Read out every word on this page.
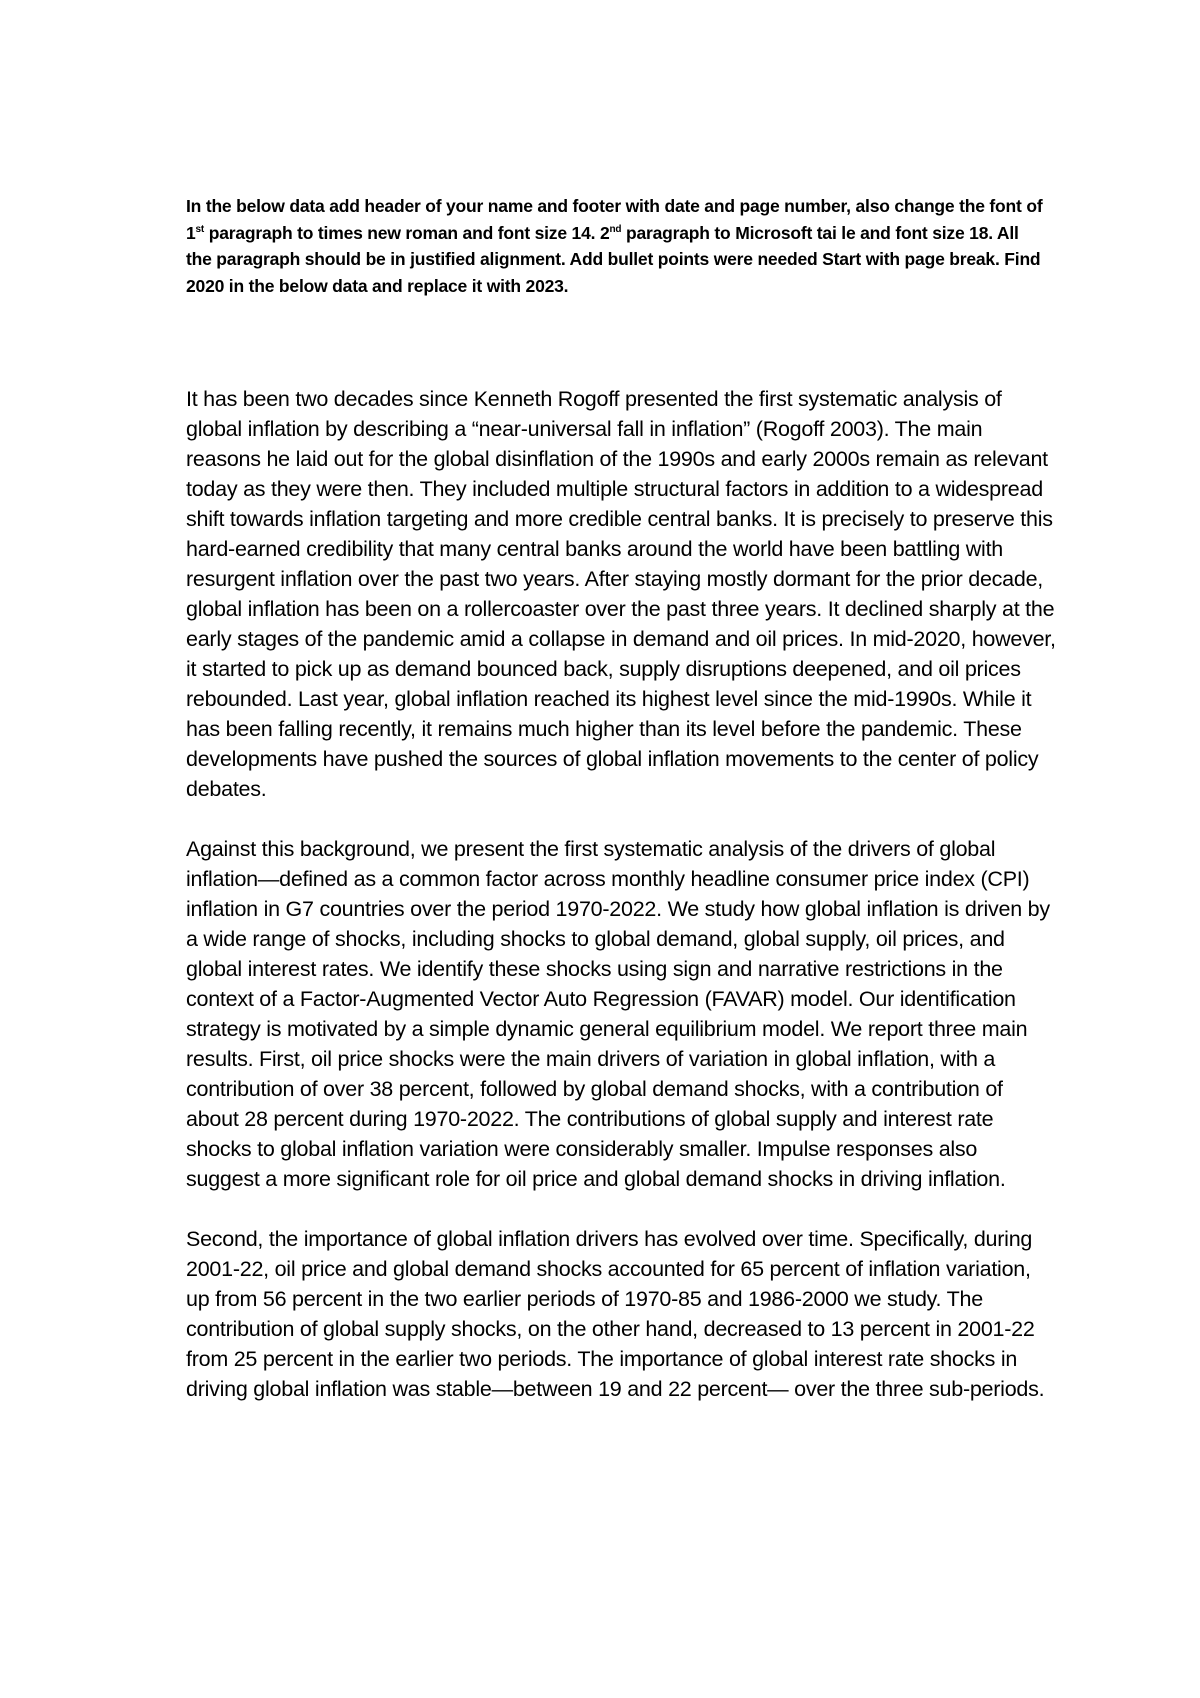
In the below data add header of your name and footer with date and page number, also change the font of 1st paragraph to times new roman and font size 14. 2nd paragraph to Microsoft tai le and font size 18. All the paragraph should be in justified alignment. Add bullet points were needed Start with page break. Find 2020 in the below data and replace it with 2023.

It has been two decades since Kenneth Rogoff presented the first systematic analysis of global inflation by describing a “near-universal fall in inflation” (Rogoff 2003). The main reasons he laid out for the global disinflation of the 1990s and early 2000s remain as relevant today as they were then. They included multiple structural factors in addition to a widespread shift towards inflation targeting and more credible central banks. It is precisely to preserve this hard-earned credibility that many central banks around the world have been battling with resurgent inflation over the past two years. After staying mostly dormant for the prior decade, global inflation has been on a rollercoaster over the past three years. It declined sharply at the early stages of the pandemic amid a collapse in demand and oil prices. In mid-2020, however, it started to pick up as demand bounced back, supply disruptions deepened, and oil prices rebounded. Last year, global inflation reached its highest level since the mid-1990s. While it has been falling recently, it remains much higher than its level before the pandemic. These developments have pushed the sources of global inflation movements to the center of policy debates.

Against this background, we present the first systematic analysis of the drivers of global inflation—defined as a common factor across monthly headline consumer price index (CPI) inflation in G7 countries over the period 1970-2022. We study how global inflation is driven by a wide range of shocks, including shocks to global demand, global supply, oil prices, and global interest rates. We identify these shocks using sign and narrative restrictions in the context of a Factor-Augmented Vector Auto Regression (FAVAR) model. Our identification strategy is motivated by a simple dynamic general equilibrium model. We report three main results. First, oil price shocks were the main drivers of variation in global inflation, with a contribution of over 38 percent, followed by global demand shocks, with a contribution of about 28 percent during 1970-2022. The contributions of global supply and interest rate shocks to global inflation variation were considerably smaller. Impulse responses also suggest a more significant role for oil price and global demand shocks in driving inflation.

Second, the importance of global inflation drivers has evolved over time. Specifically, during 2001-22, oil price and global demand shocks accounted for 65 percent of inflation variation, up from 56 percent in the two earlier periods of 1970-85 and 1986-2000 we study. The contribution of global supply shocks, on the other hand, decreased to 13 percent in 2001-22 from 25 percent in the earlier two periods. The importance of global interest rate shocks in driving global inflation was stable—between 19 and 22 percent— over the three sub-periods.
